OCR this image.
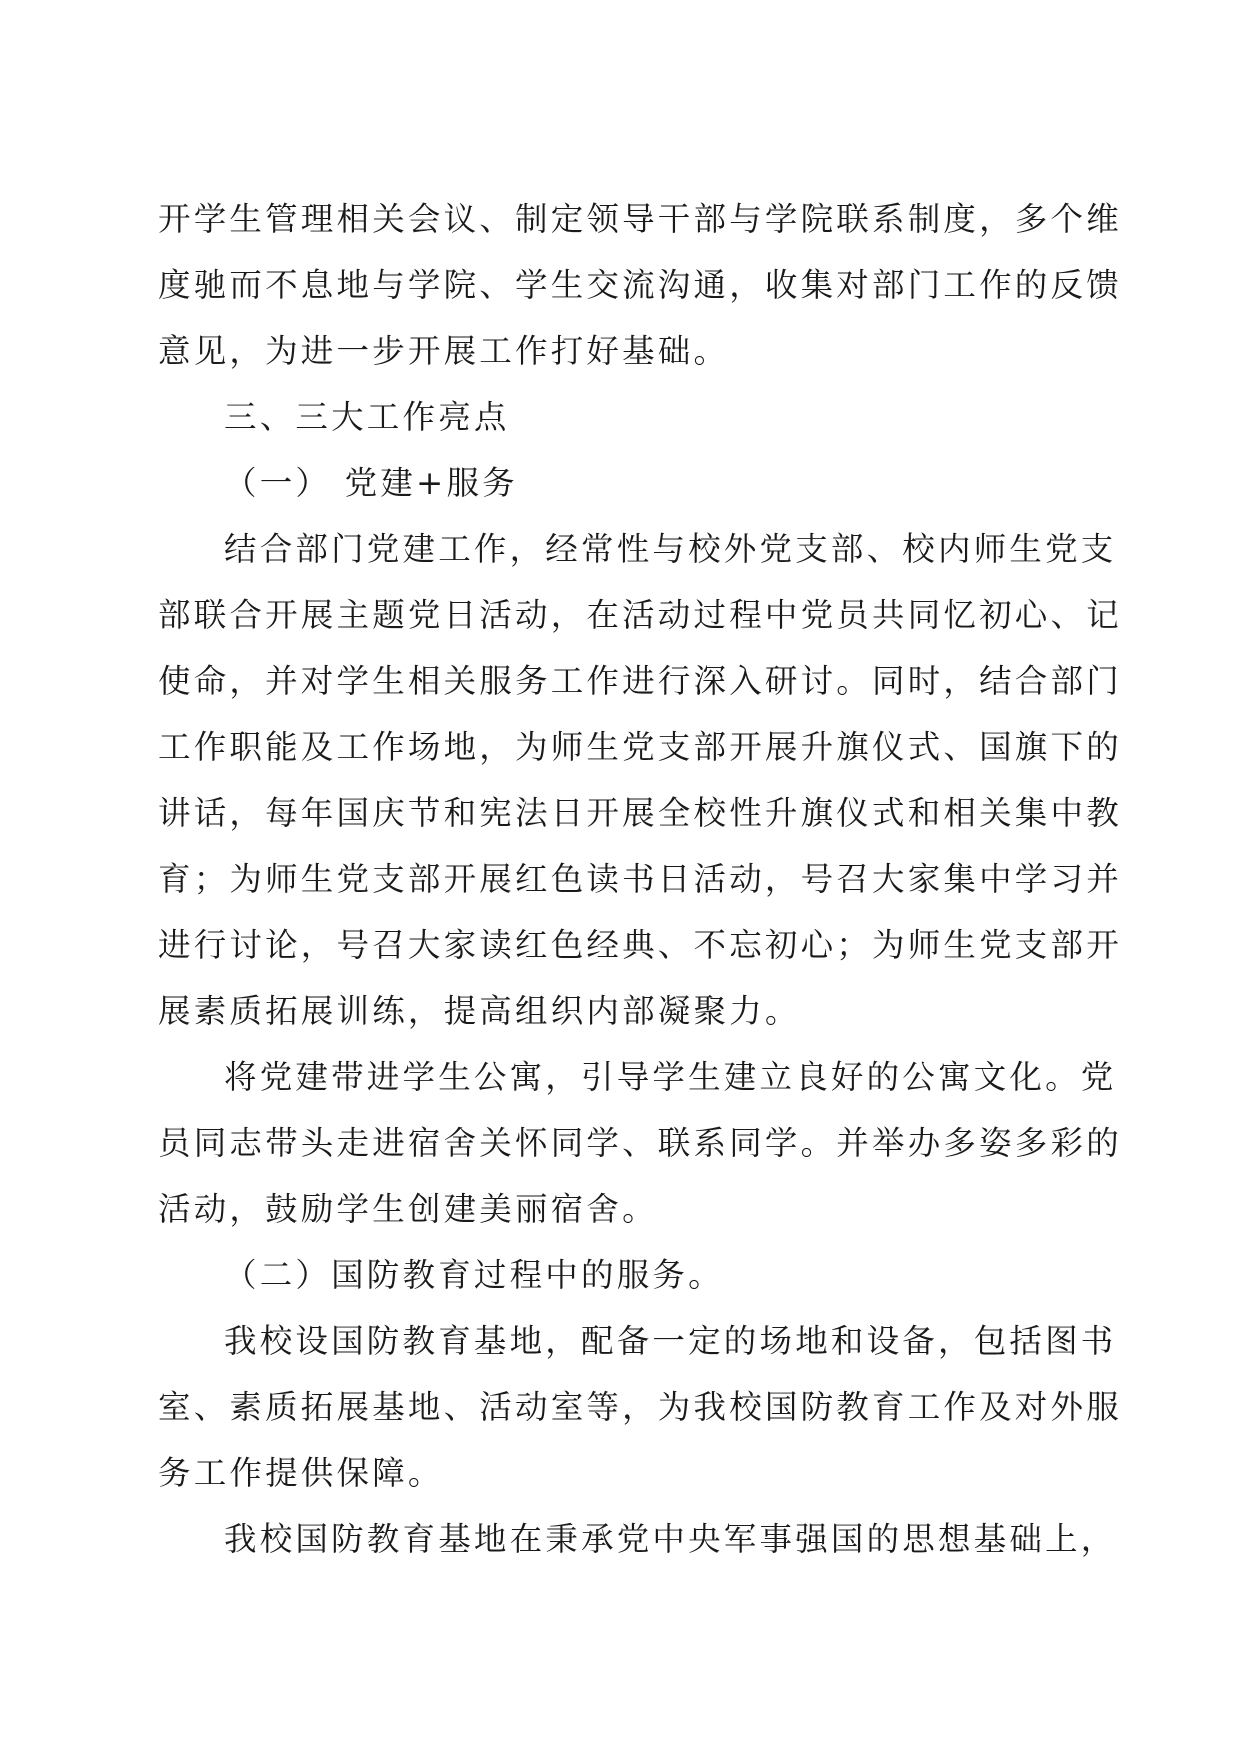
开学生管理相关会议、制定领导干部与学院联系制度，多个维
度驰而不息地与学院、学生交流沟通，收集对部门工作的反馈
意见，为进一步开展工作打好基础。
三、三大工作亮点
（一） 党建+服务
结合部门党建工作，经常性与校外党支部、校内师生党支
部联合开展主题党日活动，在活动过程中党员共同忆初心、记
使命，并对学生相关服务工作进行深入研讨。同时，结合部门
工作职能及工作场地，为师生党支部开展升旗仪式、国旗下的
讲话，每年国庆节和宪法日开展全校性升旗仪式和相关集中教
育；为师生党支部开展红色读书日活动，号召大家集中学习并
进行讨论，号召大家读红色经典、不忘初心；为师生党支部开
展素质拓展训练，提高组织内部凝聚力。
将党建带进学生公寓，引导学生建立良好的公寓文化。党
员同志带头走进宿舍关怀同学、联系同学。并举办多姿多彩的
活动，鼓励学生创建美丽宿舍。
（二）国防教育过程中的服务。
我校设国防教育基地，配备一定的场地和设备，包括图书
室、素质拓展基地、活动室等，为我校国防教育工作及对外服
务工作提供保障。
我校国防教育基地在秉承党中央军事强国的思想基础上，
